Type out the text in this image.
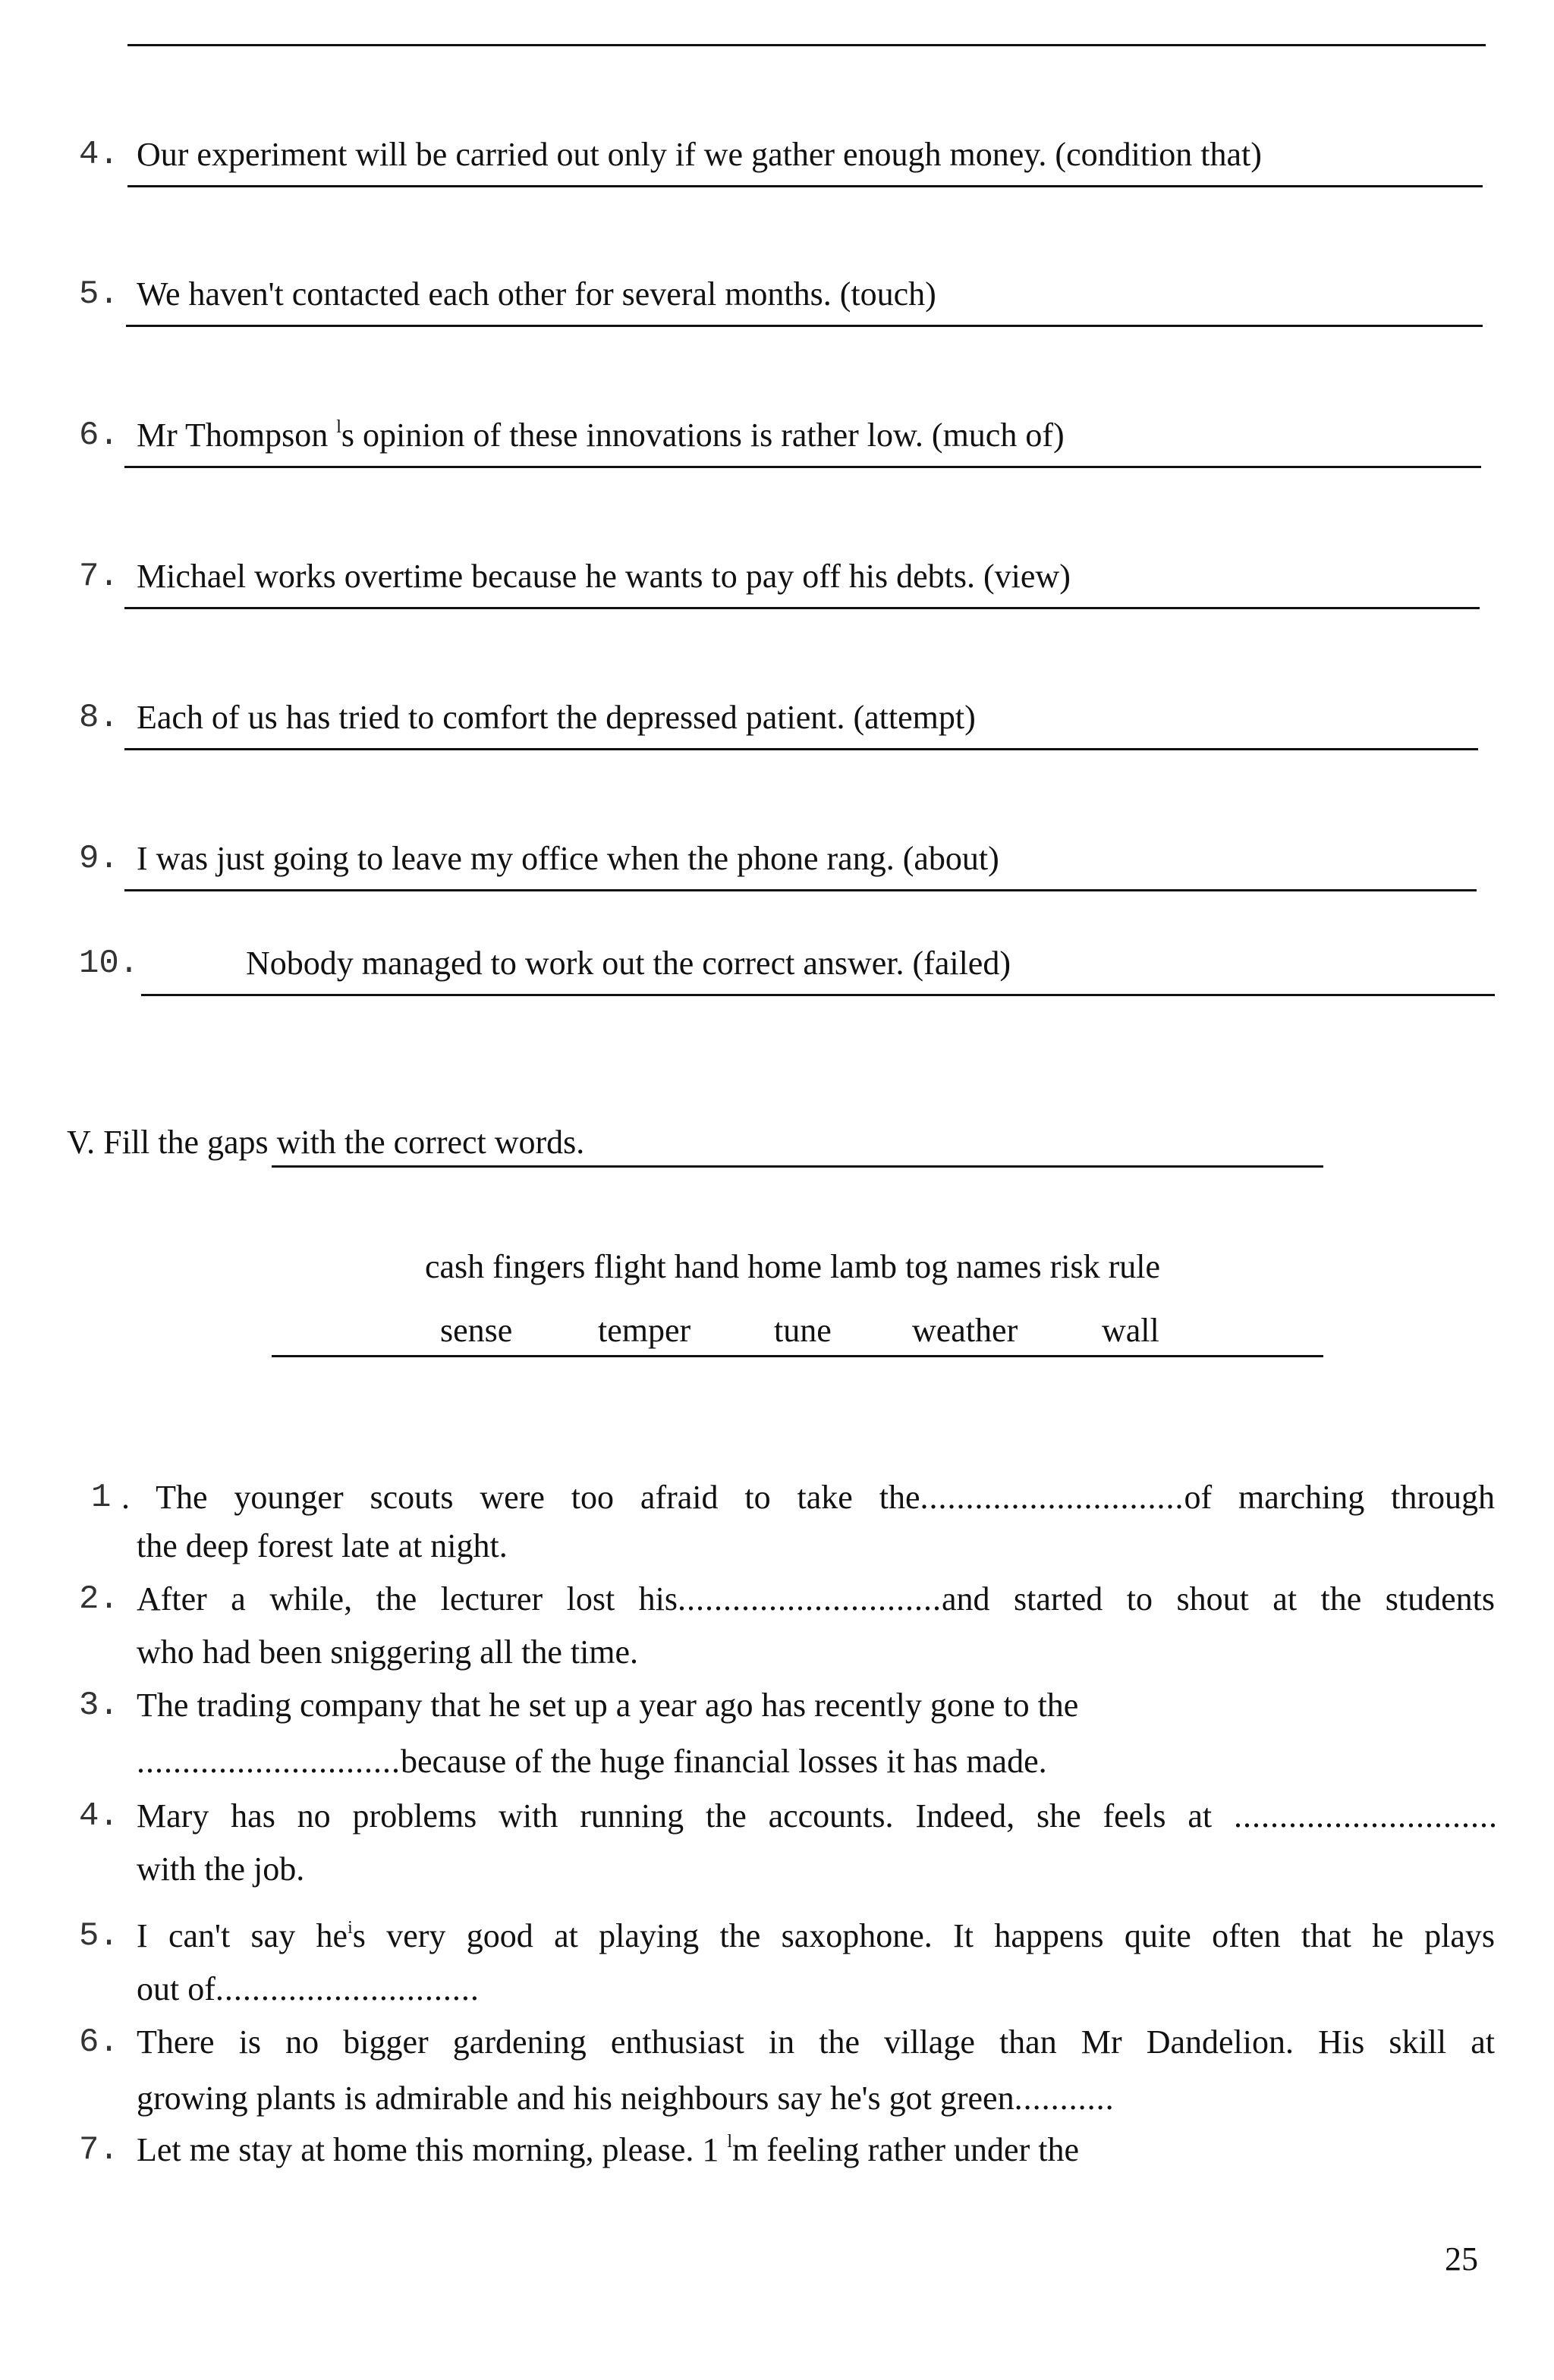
4. Our experiment will be carried out only if we gather enough money. (condition that)
5. We haven't contacted each other for several months. (touch)
6. Mr Thompson $^l$s opinion of these innovations is rather low. (much of)
7. Michael works overtime because he wants to pay off his debts. (view)
8. Each of us has tried to comfort the depressed patient. (attempt)
9. I was just going to leave my office when the phone rang. (about)
10.	Nobody managed to work out the correct answer. (failed)
V. Fill the gaps with the correct words.
cash fingers flight hand home lamb tog names risk rule
sense	temper tune weather	wall
1 . The younger scouts were too afraid to take the.............................of marching through
the deep forest late at night.
2. After a while, the lecturer lost his.............................and started to shout at the students
who had been sniggering all the time.
3. The trading company that he set up a year ago has recently gone to the
.............................because of the huge financial losses it has made.
4. Mary has no problems with running the accounts. Indeed, she feels at .............................
with the job.
5. I can't say $he^is$ very good at playing the saxophone. It happens quite often that he plays
out of.............................
6. There is no bigger gardening enthusiast in the village than Mr Dandelion. His skill at
growing plants is admirable and his neighbours say he's got green...........
7. Let me stay at home this morning, please. 1 $^l$m feeling rather under the
25
